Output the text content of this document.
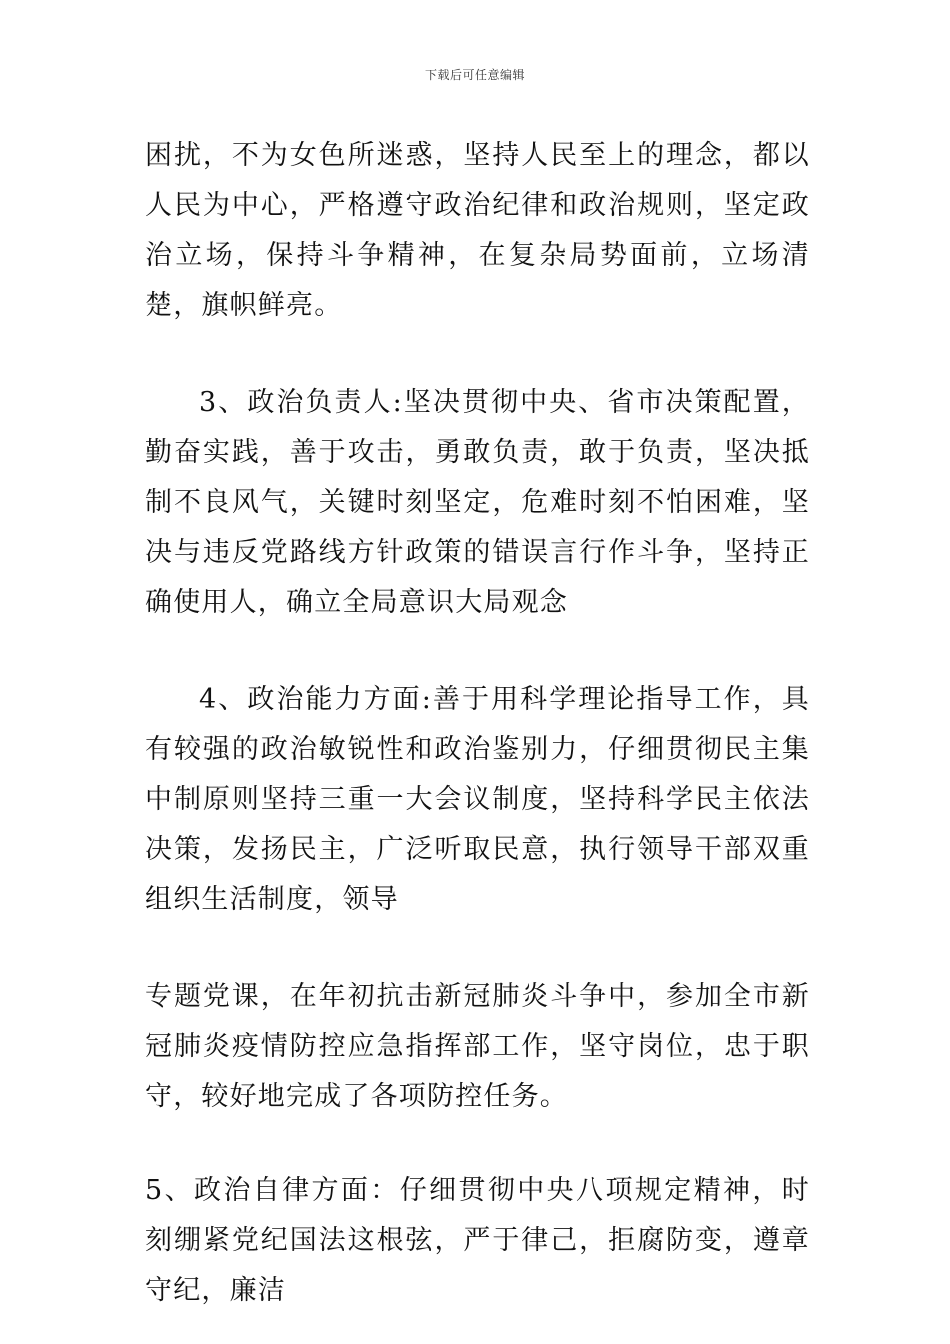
下载后可任意编辑

困扰，不为女色所迷惑，坚持人民至上的理念，都以人民为中心，严格遵守政治纪律和政治规则，坚定政治立场，保持斗争精神，在复杂局势面前，立场清楚，旗帜鲜亮。

3、政治负责人:坚决贯彻中央、省市决策配置，勤奋实践，善于攻击，勇敢负责，敢于负责，坚决抵制不良风气，关键时刻坚定，危难时刻不怕困难，坚决与违反党路线方针政策的错误言行作斗争，坚持正确使用人，确立全局意识大局观念

4、政治能力方面:善于用科学理论指导工作，具有较强的政治敏锐性和政治鉴别力，仔细贯彻民主集中制原则坚持三重一大会议制度，坚持科学民主依法决策，发扬民主，广泛听取民意，执行领导干部双重组织生活制度，领导

专题党课，在年初抗击新冠肺炎斗争中，参加全市新冠肺炎疫情防控应急指挥部工作，坚守岗位，忠于职守，较好地完成了各项防控任务。

5、政治自律方面：仔细贯彻中央八项规定精神，时刻绷紧党纪国法这根弦，严于律己，拒腐防变，遵章守纪，廉洁
